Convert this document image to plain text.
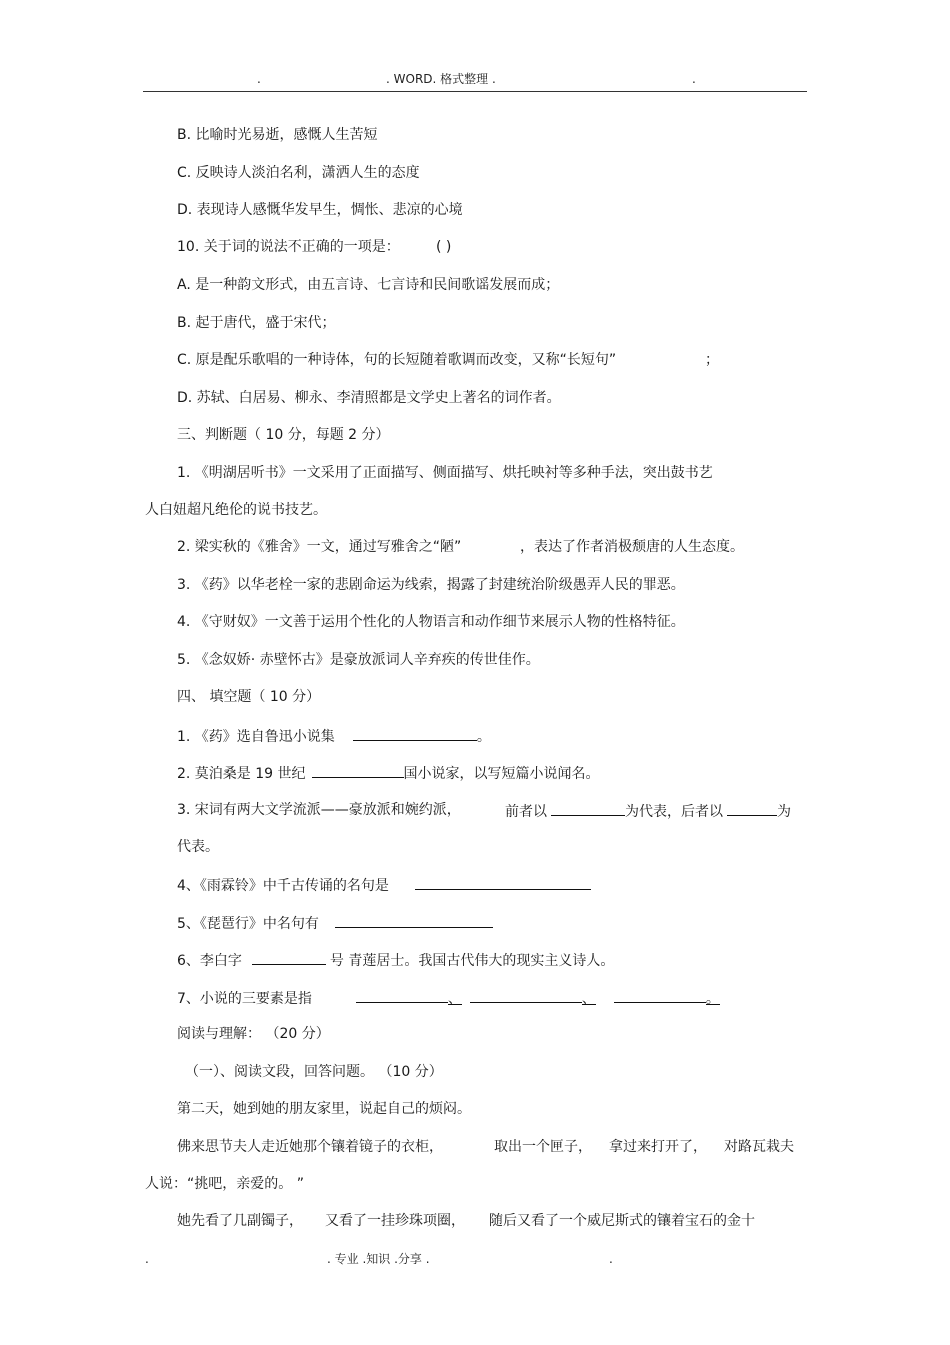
.	. WORD. 格式整理 .	.
B. 比喻时光易逝，感慨人生苦短
C. 反映诗人淡泊名利，潇洒人生的态度
D. 表现诗人感慨华发早生，惆怅、悲凉的心境
10. 关于词的说法不正确的一项是：	( )
A. 是一种韵文形式，由五言诗、七言诗和民间歌谣发展而成；
B. 起于唐代，盛于宋代；
C. 原是配乐歌唱的一种诗体，句的长短随着歌调而改变，又称“长短句”	；
D. 苏轼、白居易、柳永、李清照都是文学史上著名的词作者。
三、判断题（ 10 分，每题 2 分）
1. 《明湖居听书》一文采用了正面描写、侧面描写、烘托映衬等多种手法，突出鼓书艺
人白妞超凡绝伦的说书技艺。
2. 梁实秋的《雅舍》一文，通过写雅舍之“陋”	，表达了作者消极颓唐的人生态度。
3. 《药》以华老栓一家的悲剧命运为线索，揭露了封建统治阶级愚弄人民的罪恶。
4. 《守财奴》一文善于运用个性化的人物语言和动作细节来展示人物的性格特征。
5. 《念奴娇· 赤壁怀古》是豪放派词人辛弃疾的传世佳作。
四、 填空题（ 10 分）
1. 《药》选自鲁迅小说集	。
2. 莫泊桑是 19 世纪	国小说家，以写短篇小说闻名。
3. 宋词有两大文学流派——豪放派和婉约派，	前者以	为代表，后者以	为
代表。
4、《雨霖铃》中千古传诵的名句是
5、《琵琶行》中名句有
6、李白字	号 青莲居士。我国古代伟大的现实主义诗人。
7、小说的三要素是指	、	、	。
阅读与理解： （20 分）
（一）、阅读文段，回答问题。 （10 分）
第二天，她到她的朋友家里，说起自己的烦闷。
佛来思节夫人走近她那个镶着镜子的衣柜，	取出一个匣子， 拿过来打开了， 对路瓦栽夫
人说：“挑吧，亲爱的。 ”
她先看了几副镯子， 又看了一挂珍珠项圈， 随后又看了一个威尼斯式的镶着宝石的金十
.	. 专业 .知识 .分享 .	.
